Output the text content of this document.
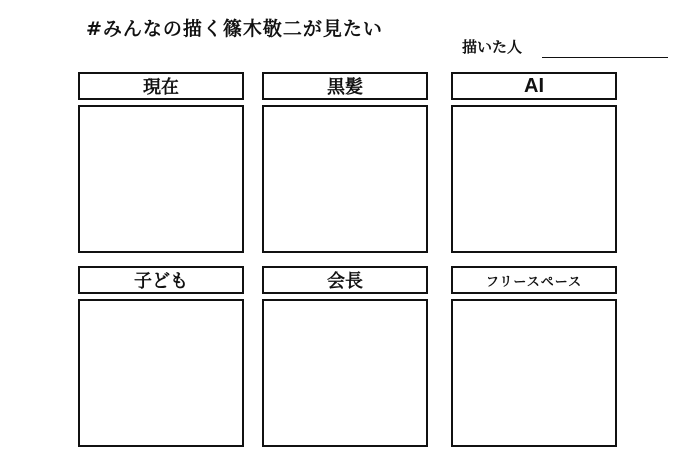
#みんなの描く篠木敬二が見たい
描いた人
現在	黒髪	AI
子ども	会長	フリースペース
